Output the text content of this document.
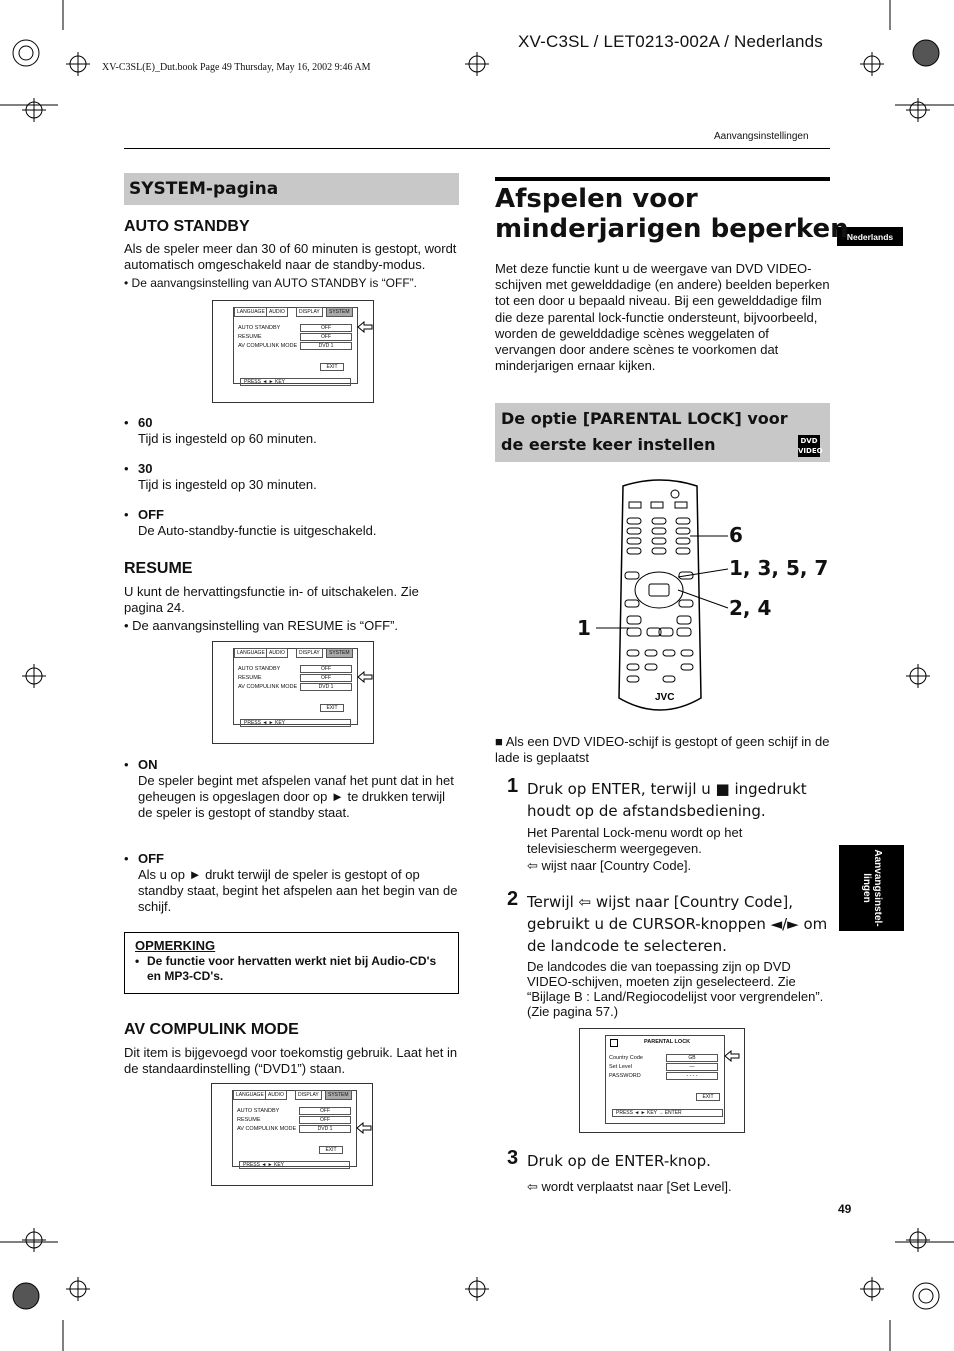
XV-C3SL / LET0213-002A / Nederlands
XV-C3SL(E)_Dut.book Page 49 Thursday, May 16, 2002 9:46 AM
Aanvangsinstellingen
Nederlands
Aanvangsinstel-
lingen
49
SYSTEM-pagina
AUTO STANDBY
Als de speler meer dan 30 of 60 minuten is gestopt, wordt automatisch omgeschakeld naar de standby-modus.
• De aanvangsinstelling van AUTO STANDBY is “OFF”.
LANGUAGE AUDIO	DISPLAY	SYSTEM
AUTO STANDBY	OFF
RESUME	OFF
AV COMPULINK MODE	DVD 1
EXIT
PRESS ◄ ► KEY
• 60
Tijd is ingesteld op 60 minuten.
• 30
Tijd is ingesteld op 30 minuten.
• OFF
De Auto-standby-functie is uitgeschakeld.
RESUME
U kunt de hervattingsfunctie in- of uitschakelen. Zie pagina 24.
• De aanvangsinstelling van RESUME is “OFF”.
LANGUAGE AUDIO	DISPLAY	SYSTEM
AUTO STANDBY	OFF
RESUME	OFF
AV COMPULINK MODE	DVD 1
EXIT
PRESS ◄ ► KEY
• ON
De speler begint met afspelen vanaf het punt dat in het geheugen is opgeslagen door op ► te drukken terwijl de speler is gestopt of standby staat.
• OFF
Als u op ► drukt terwijl de speler is gestopt of op standby staat, begint het afspelen aan het begin van de schijf.
OPMERKING
• De functie voor hervatten werkt niet bij Audio-CD's en MP3-CD's.
AV COMPULINK MODE
Dit item is bijgevoegd voor toekomstig gebruik. Laat het in de standaardinstelling (“DVD1”) staan.
LANGUAGE AUDIO	DISPLAY	SYSTEM
AUTO STANDBY	OFF
RESUME	OFF
AV COMPULINK MODE	DVD 1
EXIT
PRESS ◄ ► KEY
Afspelen voor
minderjarigen beperken
Met deze functie kunt u de weergave van DVD VIDEO-schijven met gewelddadige (en andere) beelden beperken tot een door u bepaald niveau. Bij een gewelddadige film die deze parental lock-functie ondersteunt, bijvoorbeeld, worden de gewelddadige scènes weggelaten of vervangen door andere scènes te voorkomen dat minderjarigen ernaar kijken.
De optie [PARENTAL LOCK] voor de eerste keer instellen	DVD
VIDEO
JVC
6
1, 3, 5, 7
2, 4
1
■ Als een DVD VIDEO-schijf is gestopt of geen schijf in de lade is geplaatst
1 Druk op ENTER, terwijl u ■ ingedrukt houdt op de afstandsbediening.
Het Parental Lock-menu wordt op het televisiescherm weergegeven.
⇦ wijst naar [Country Code].
2 Terwijl ⇦ wijst naar [Country Code], gebruikt u de CURSOR-knoppen ◄/► om de landcode te selecteren.
De landcodes die van toepassing zijn op DVD VIDEO-schijven, moeten zijn geselecteerd. Zie “Bijlage B : Land/Regiocodelijst voor vergrendelen”. (Zie pagina 57.)
PARENTAL LOCK
Country Code	GB
Set Level	—
PASSWORD	- - - -
EXIT
PRESS ◄ ► KEY → ENTER
3 Druk op de ENTER-knop.
⇦ wordt verplaatst naar [Set Level].
